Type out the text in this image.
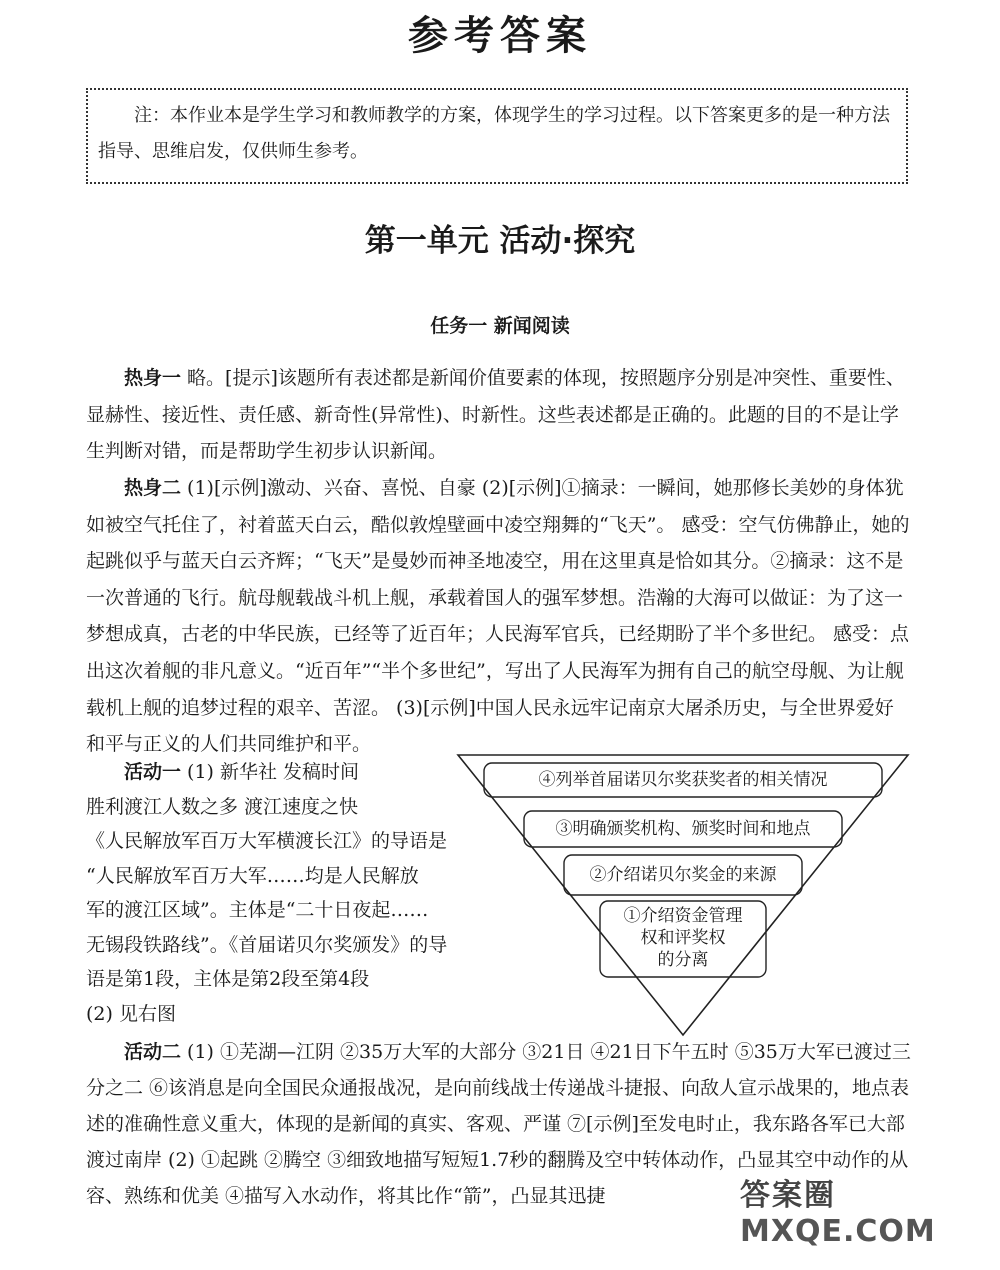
参考答案
注：本作业本是学生学习和教师教学的方案，体现学生的学习过程。以下答案更多的是一种方法指导、思维启发，仅供师生参考。
第一单元 活动·探究
任务一 新闻阅读
热身一 略。[提示]该题所有表述都是新闻价值要素的体现，按照题序分别是冲突性、重要性、显赫性、接近性、责任感、新奇性(异常性)、时新性。这些表述都是正确的。此题的目的不是让学生判断对错，而是帮助学生初步认识新闻。
热身二 (1)[示例]激动、兴奋、喜悦、自豪 (2)[示例]①摘录：一瞬间，她那修长美妙的身体犹如被空气托住了，衬着蓝天白云，酷似敦煌壁画中凌空翔舞的“飞天”。 感受：空气仿佛静止，她的起跳似乎与蓝天白云齐辉；“飞天”是曼妙而神圣地凌空，用在这里真是恰如其分。②摘录：这不是一次普通的飞行。航母舰载战斗机上舰，承载着国人的强军梦想。浩瀚的大海可以做证：为了这一梦想成真，古老的中华民族，已经等了近百年；人民海军官兵，已经期盼了半个多世纪。 感受：点出这次着舰的非凡意义。“近百年”“半个多世纪”，写出了人民海军为拥有自己的航空母舰、为让舰载机上舰的追梦过程的艰辛、苦涩。 (3)[示例]中国人民永远牢记南京大屠杀历史，与全世界爱好和平与正义的人们共同维护和平。
活动一 (1) 新华社 发稿时间
胜利渡江人数之多 渡江速度之快
《人民解放军百万大军横渡长江》的导语是
“人民解放军百万大军……均是人民解放
军的渡江区域”。主体是“二十日夜起……
无锡段铁路线”。《首届诺贝尔奖颁发》的导
语是第1段，主体是第2段至第4段
(2) 见右图
④列举首届诺贝尔奖获奖者的相关情况
③明确颁奖机构、颁奖时间和地点
②介绍诺贝尔奖金的来源
①介绍资金管理
权和评奖权
的分离

活动二 (1) ①芜湖—江阴 ②35万大军的大部分 ③21日 ④21日下午五时 ⑤35万大军已渡过三分之二 ⑥该消息是向全国民众通报战况，是向前线战士传递战斗捷报、向敌人宣示战果的，地点表述的准确性意义重大，体现的是新闻的真实、客观、严谨 ⑦[示例]至发电时止，我东路各军已大部渡过南岸 (2) ①起跳 ②腾空 ③细致地描写短短1.7秒的翻腾及空中转体动作，凸显其空中动作的从容、熟练和优美 ④描写入水动作，将其比作“箭”，凸显其迅捷	答案圈
MXQE.COM
